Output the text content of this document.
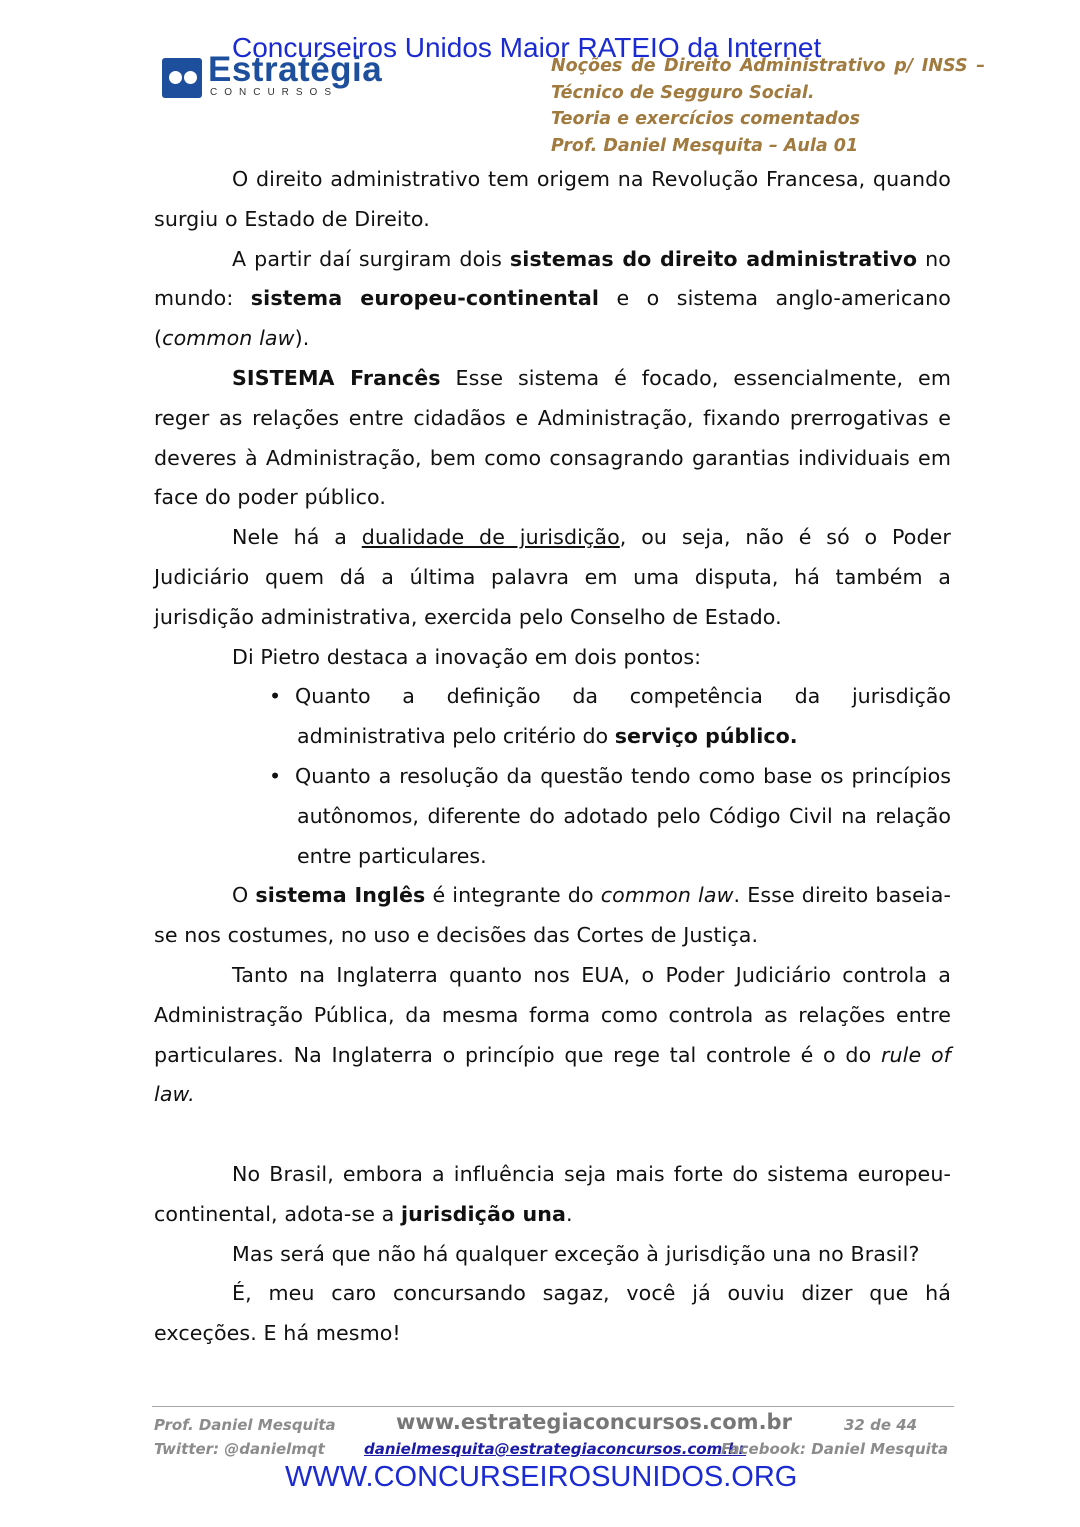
Concurseiros Unidos Maior RATEIO da Internet
Estratégia
CONCURSOS
Noções de Direito Administrativo p/ INSS –
Técnico de Segguro Social.
Teoria e exercícios comentados
Prof. Daniel Mesquita – Aula 01

O direito administrativo tem origem na Revolução Francesa, quando surgiu o Estado de Direito.

A partir daí surgiram dois sistemas do direito administrativo no mundo: sistema europeu-continental e o sistema anglo-americano (common law).

SISTEMA Francês Esse sistema é focado, essencialmente, em reger as relações entre cidadãos e Administração, fixando prerrogativas e deveres à Administração, bem como consagrando garantias individuais em face do poder público.

Nele há a dualidade de jurisdição, ou seja, não é só o Poder Judiciário quem dá a última palavra em uma disputa, há também a jurisdição administrativa, exercida pelo Conselho de Estado.

Di Pietro destaca a inovação em dois pontos:

• Quanto a definição da competência da jurisdição administrativa pelo critério do serviço público.
• Quanto a resolução da questão tendo como base os princípios autônomos, diferente do adotado pelo Código Civil na relação entre particulares.

O sistema Inglês é integrante do common law. Esse direito baseia-se nos costumes, no uso e decisões das Cortes de Justiça.

Tanto na Inglaterra quanto nos EUA, o Poder Judiciário controla a Administração Pública, da mesma forma como controla as relações entre particulares. Na Inglaterra o princípio que rege tal controle é o do rule of law.

No Brasil, embora a influência seja mais forte do sistema europeu-continental, adota-se a jurisdição una.

Mas será que não há qualquer exceção à jurisdição una no Brasil?

É, meu caro concursando sagaz, você já ouviu dizer que há exceções. E há mesmo!

Prof. Daniel Mesquita	www.estrategiaconcursos.com.br	32 de 44
Twitter: @danielmqt	danielmesquita@estrategiaconcursos.com.br
Facebook: Daniel Mesquita
WWW.CONCURSEIROSUNIDOS.ORG
